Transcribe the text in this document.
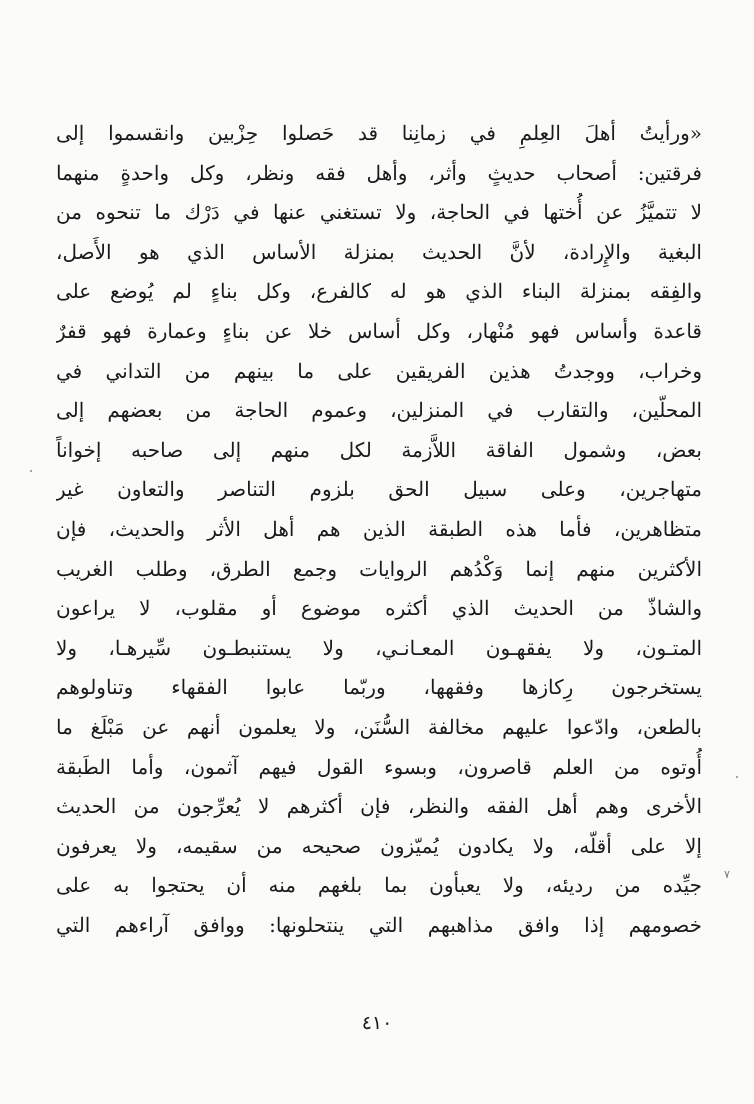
«ورأيتُ أهلَ العِلمِ في زمانِنا قد حَصلوا حِزْبين وانقسموا إلى
فرقتين: أصحاب حديثٍ وأثر، وأهل فقه ونظر، وكل واحدةٍ منهما
لا تتميَّزُ عن أُختها في الحاجة، ولا تستغني عنها في دَرْك ما تنحوه من
البغية والإِرادة، لأنَّ الحديث بمنزلة الأساس الذي هو الأَصل،
والفِقه بمنزلة البناء الذي هو له كالفرع، وكل بناءٍ لم يُوضع على
قاعدة وأساس فهو مُنْهار، وكل أساس خلا عن بناءٍ وعمارة فهو قفرٌ
وخراب، ووجدتُ هذين الفريقين على ما بينهم من التداني في
المحلّين، والتقارب في المنزلين، وعموم الحاجة من بعضهم إلى
بعض، وشمول الفاقة اللاَّزمة لكل منهم إلى صاحبه إخواناً
متهاجرين، وعلى سبيل الحق بلزوم التناصر والتعاون غير
متظاهرين، فأما هذه الطبقة الذين هم أهل الأثر والحديث، فإن
الأكثرين منهم إنما وَكْدُهم الروايات وجمع الطرق، وطلب الغريب
والشاذّ من الحديث الذي أكثره موضوع أو مقلوب، لا يراعون
المتـون، ولا يفقهـون المعـانـي، ولا يستنبطـون سِّيرهـا، ولا
يستخرجون رِكازها وفقهها، وربّما عابوا الفقهاء وتناولوهم
بالطعن، وادّعوا عليهم مخالفة السُّنَن، ولا يعلمون أنهم عن مَبْلَغ ما
أُوتوه من العلم قاصرون، وبسوء القول فيهم آثمون، وأما الطَبقة
الأخرى وهم أهل الفقه والنظر، فإن أكثرهم لا يُعرِّجون من الحديث
إلا على أقلّه، ولا يكادون يُميّزون صحيحه من سقيمه، ولا يعرفون
جيِّده من رديئه، ولا يعبأون بما بلغهم منه أن يحتجوا به على
خصومهم إذا وافق مذاهبهم التي ينتحلونها: ووافق آراءهم التي
٤١٠
٧
